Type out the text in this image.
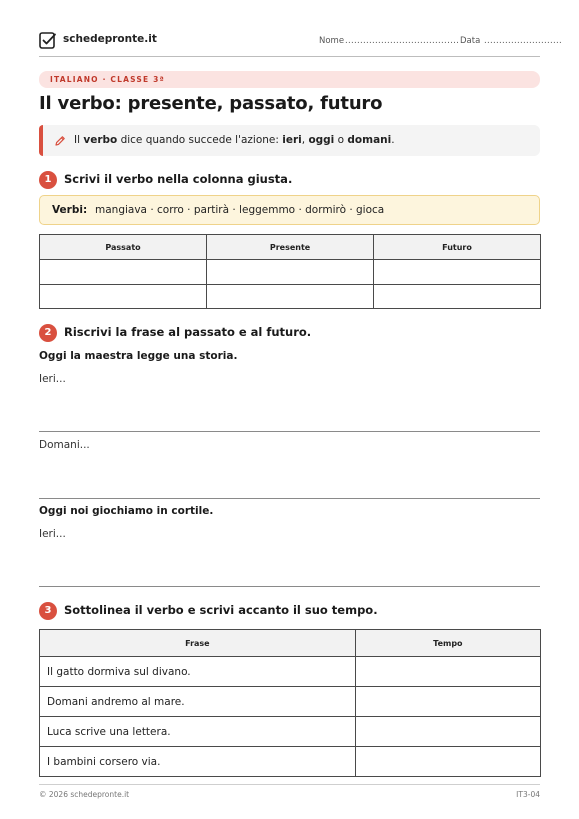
schedepronte.it	Nome ...................................... Data ..........................
ITALIANO · CLASSE 3ª
Il verbo: presente, passato, futuro
Il verbo dice quando succede l'azione: ieri, oggi o domani.
1	Scrivi il verbo nella colonna giusta.
Verbi: mangiava · corro · partirà · leggemmo · dormirò · gioca
Passato	Presente	Futuro

2	Riscrivi la frase al passato e al futuro.
Oggi la maestra legge una storia.
Ieri...
Domani...
Oggi noi giochiamo in cortile.
Ieri...
3	Sottolinea il verbo e scrivi accanto il suo tempo.
Frase	Tempo
Il gatto dormiva sul divano.	
Domani andremo al mare.	
Luca scrive una lettera.	
I bambini corsero via.	
© 2026 schedepronte.it	IT3-04
